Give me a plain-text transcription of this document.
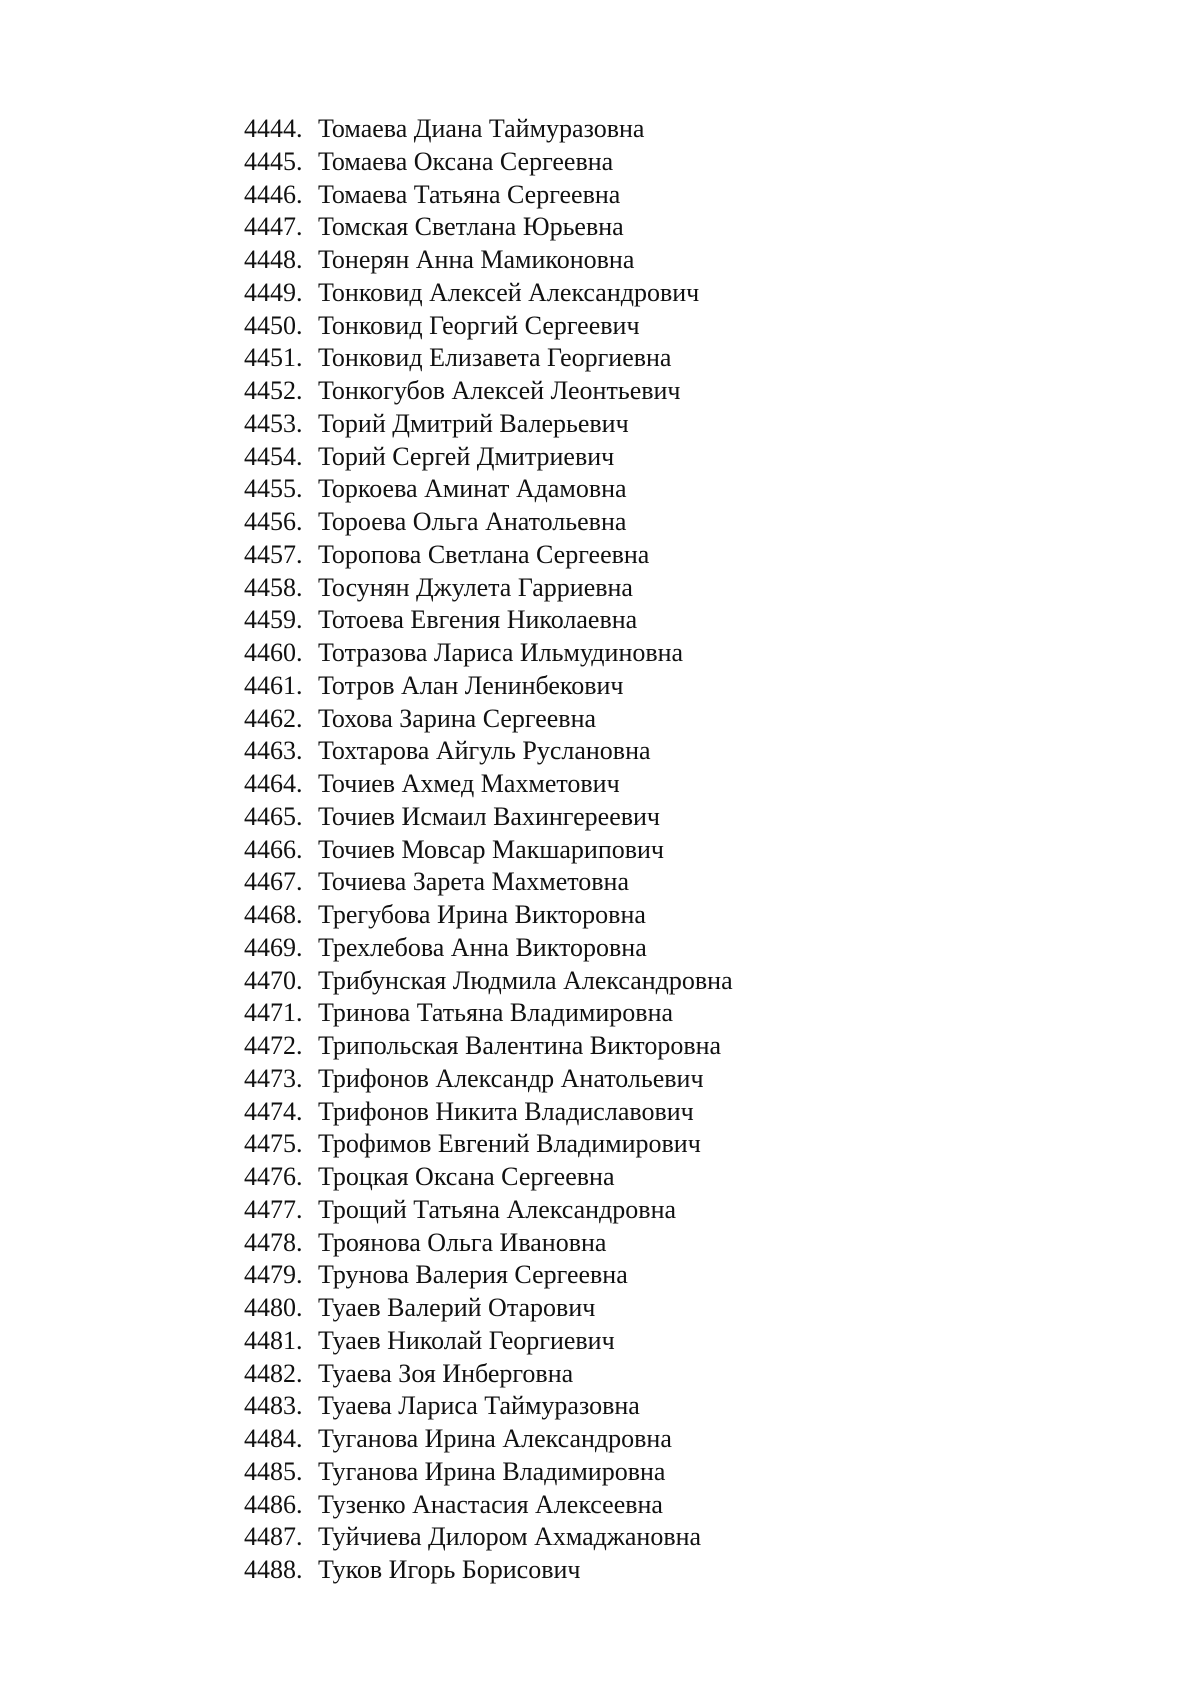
4444. Томаева Диана Таймуразовна
4445. Томаева Оксана Сергеевна
4446. Томаева Татьяна Сергеевна
4447. Томская Светлана Юрьевна
4448. Тонерян Анна Мамиконовна
4449. Тонковид Алексей Александрович
4450. Тонковид Георгий Сергеевич
4451. Тонковид Елизавета Георгиевна
4452. Тонкогубов Алексей Леонтьевич
4453. Торий Дмитрий Валерьевич
4454. Торий Сергей Дмитриевич
4455. Торкоева Аминат Адамовна
4456. Тороева Ольга Анатольевна
4457. Торопова Светлана Сергеевна
4458. Тосунян Джулета Гарриевна
4459. Тотоева Евгения Николаевна
4460. Тотразова Лариса Ильмудиновна
4461. Тотров Алан Ленинбекович
4462. Тохова Зарина Сергеевна
4463. Тохтарова Айгуль Руслановна
4464. Точиев Ахмед Махметович
4465. Точиев Исмаил Вахингереевич
4466. Точиев Мовсар Макшарипович
4467. Точиева Зарета Махметовна
4468. Трегубова Ирина Викторовна
4469. Трехлебова Анна Викторовна
4470. Трибунская Людмила Александровна
4471. Тринова Татьяна Владимировна
4472. Трипольская Валентина Викторовна
4473. Трифонов Александр Анатольевич
4474. Трифонов Никита Владиславович
4475. Трофимов Евгений Владимирович
4476. Троцкая Оксана Сергеевна
4477. Трощий Татьяна Александровна
4478. Троянова Ольга Ивановна
4479. Трунова Валерия Сергеевна
4480. Туаев Валерий Отарович
4481. Туаев Николай Георгиевич
4482. Туаева Зоя Инберговна
4483. Туаева Лариса Таймуразовна
4484. Туганова Ирина Александровна
4485. Туганова Ирина Владимировна
4486. Тузенко Анастасия Алексеевна
4487. Туйчиева Дилором Ахмаджановна
4488. Туков Игорь Борисович
